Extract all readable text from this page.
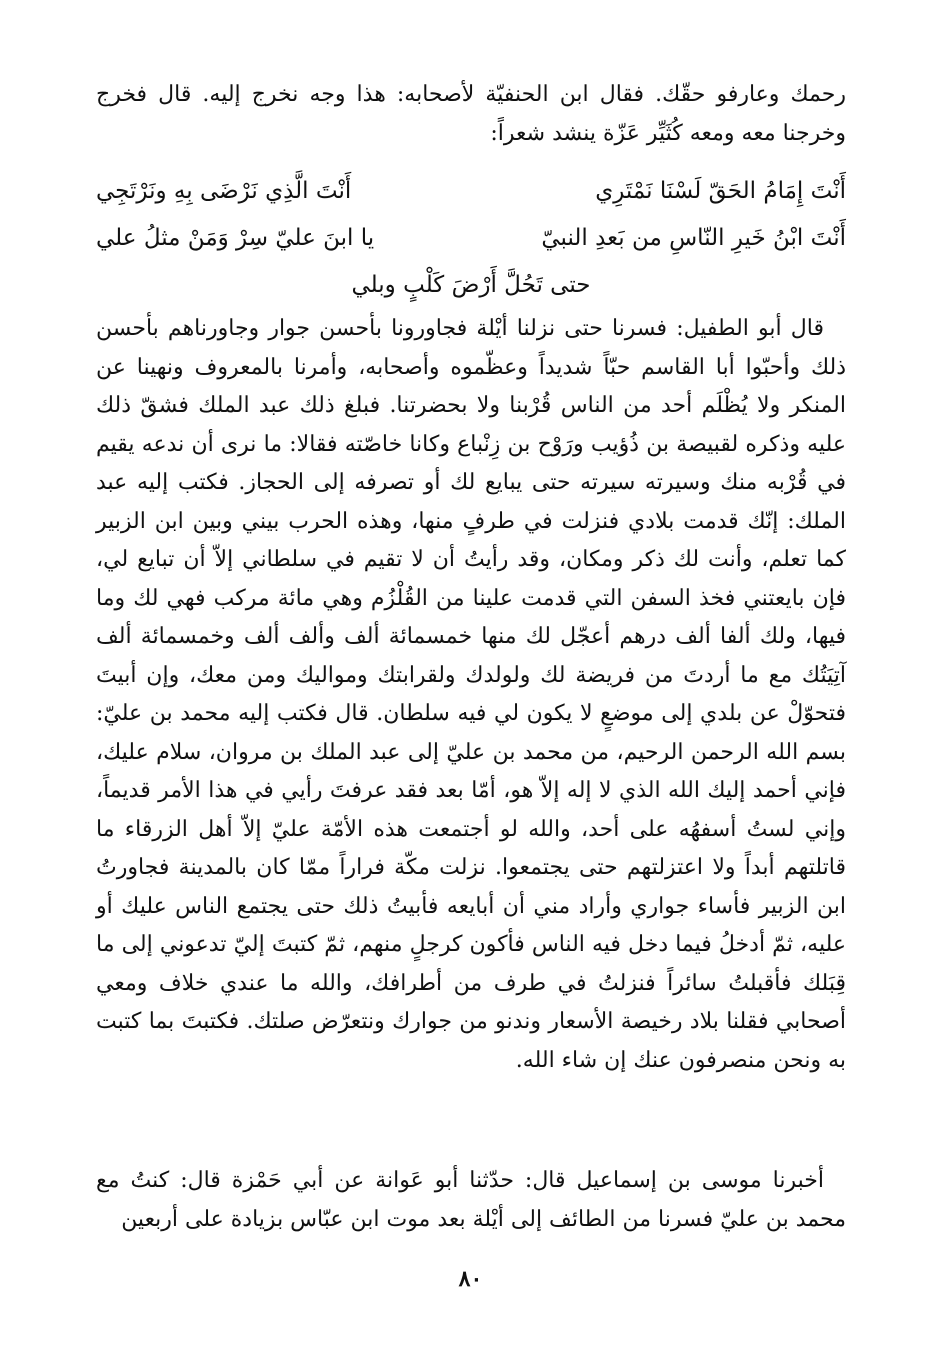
رحمك وعارفو حقّك. فقال ابن الحنفيّة لأصحابه: هذا وجه نخرج إليه. قال فخرج وخرجنا معه ومعه كُثَيِّر عَزّة ينشد شعراً:

أَنْتَ إِمَامُ الحَقّ لَسْنَا نَمْتَرِي
أَنْتَ الَّذِي نَرْضَى بِهِ ونَرْتَجِي
أَنْتَ ابْنُ خَيرِ النّاسِ من بَعدِ النبيّ
يا ابنَ عليّ سِرْ وَمَنْ مثلُ علي
حتى تَحُلَّ أَرْضَ كَلْبٍ وبلي

قال أبو الطفيل: فسرنا حتى نزلنا أيْلة فجاورونا بأحسن جوار وجاورناهم بأحسن ذلك وأحبّوا أبا القاسم حبّاً شديداً وعظّموه وأصحابه، وأمرنا بالمعروف ونهينا عن المنكر ولا يُظْلَم أحد من الناس قُرْبنا ولا بحضرتنا. فبلغ ذلك عبد الملك فشقّ ذلك عليه وذكره لقبيصة بن ذُؤيب ورَوْح بن زِنْباع وكانا خاصّته فقالا: ما نرى أن ندعه يقيم في قُرْبه منك وسيرته سيرته حتى يبايع لك أو تصرفه إلى الحجاز. فكتب إليه عبد الملك: إنّك قدمت بلادي فنزلت في طرفٍ منها، وهذه الحرب بيني وبين ابن الزبير كما تعلم، وأنت لك ذكر ومكان، وقد رأيتُ أن لا تقيم في سلطاني إلاّ أن تبايع لي، فإن بايعتني فخذ السفن التي قدمت علينا من القُلْزُم وهي مائة مركب فهي لك وما فيها، ولك ألفا ألف درهم أعجّل لك منها خمسمائة ألف وألف ألف وخمسمائة ألف آتِيَتُك مع ما أردتَ من فريضة لك ولولدك ولقرابتك ومواليك ومن معك، وإن أبيتَ فتحوّلْ عن بلدي إلى موضعٍ لا يكون لي فيه سلطان. قال فكتب إليه محمد بن عليّ: بسم الله الرحمن الرحيم، من محمد بن عليّ إلى عبد الملك بن مروان، سلام عليك، فإني أحمد إليك الله الذي لا إله إلاّ هو، أمّا بعد فقد عرفتَ رأيي في هذا الأمر قديماً، وإني لستُ أسفهُه على أحد، والله لو أجتمعت هذه الأمّة عليّ إلاّ أهل الزرقاء ما قاتلتهم أبداً ولا اعتزلتهم حتى يجتمعوا. نزلت مكّة فراراً ممّا كان بالمدينة فجاورتُ ابن الزبير فأساء جواري وأراد مني أن أبايعه فأبيتُ ذلك حتى يجتمع الناس عليك أو عليه، ثمّ أدخلُ فيما دخل فيه الناس فأكون كرجلٍ منهم، ثمّ كتبتَ إليّ تدعوني إلى ما قِبَلك فأقبلتُ سائراً فنزلتُ في طرف من أطرافك، والله ما عندي خلاف ومعي أصحابي فقلنا بلاد رخيصة الأسعار وندنو من جوارك ونتعرّض صلتك. فكتبتَ بما كتبت به ونحن منصرفون عنك إن شاء الله.

أخبرنا موسى بن إسماعيل قال: حدّثنا أبو عَوانة عن أبي حَمْزة قال: كنتُ مع محمد بن عليّ فسرنا من الطائف إلى أيْلة بعد موت ابن عبّاس بزيادة على أربعين

٨٠
